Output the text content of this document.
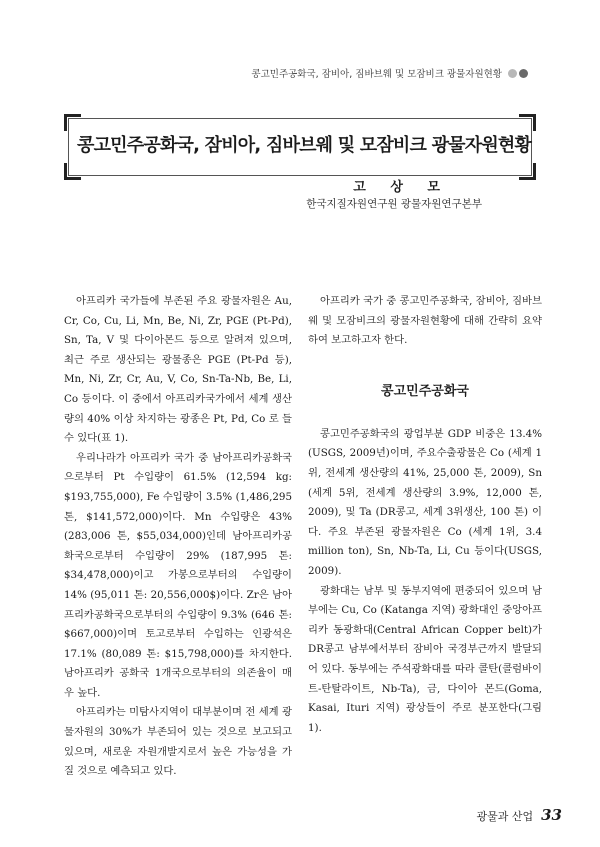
콩고민주공화국, 잠비아, 짐바브웨 및 모잠비크 광물자원현황
콩고민주공화국, 잠비아, 짐바브웨 및 모잠비크 광물자원현황
고 상 모
한국지질자원연구원 광물자원연구본부

아프리카 국가들에 부존된 주요 광물자원은 Au, Cr, Co, Cu, Li, Mn, Be, Ni, Zr, PGE (Pt-Pd), Sn, Ta, V 및 다이아몬드 등으로 알려져 있으며, 최근 주로 생산되는 광물종은 PGE (Pt-Pd 등), Mn, Ni, Zr, Cr, Au, V, Co, Sn-Ta-Nb, Be, Li, Co 등이다. 이 중에서 아프리카국가에서 세계 생산량의 40% 이상 차지하는 광종은 Pt, Pd, Co 로 들수 있다(표 1).

우리나라가 아프리카 국가 중 남아프리카공화국으로부터 Pt 수입량이 61.5% (12,594 kg: $193,755,000), Fe 수입량이 3.5% (1,486,295 톤, $141,572,000)이다. Mn 수입량은 43% (283,006 톤, $55,034,000)인데 남아프리카공화국으로부터 수입량이 29% (187,995 톤: $34,478,000)이고 가봉으로부터의 수입량이 14% (95,011 톤: 20,556,000$)이다. Zr은 남아프리카공화국으로부터의 수입량이 9.3% (646 톤: $667,000)이며 토고로부터 수입하는 인광석은 17.1% (80,089 톤: $15,798,000)를 차지한다. 남아프리카 공화국 1개국으로부터의 의존율이 매우 높다.

아프리카는 미탐사지역이 대부분이며 전 세계 광물자원의 30%가 부존되어 있는 것으로 보고되고 있으며, 새로운 자원개발지로서 높은 가능성을 가질 것으로 예측되고 있다.

아프리카 국가 중 콩고민주공화국, 잠비아, 짐바브웨 및 모잠비크의 광물자원현황에 대해 간략히 요약하여 보고하고자 한다.

콩고민주공화국

콩고민주공화국의 광업부분 GDP 비중은 13.4% (USGS, 2009년)이며, 주요수출광물은 Co (세계 1위, 전세계 생산량의 41%, 25,000 톤, 2009), Sn (세계 5위, 전세계 생산량의 3.9%, 12,000 톤, 2009), 및 Ta (DR콩고, 세계 3위생산, 100 톤) 이다. 주요 부존된 광물자원은 Co (세계 1위, 3.4 million ton), Sn, Nb-Ta, Li, Cu 등이다(USGS, 2009).

광화대는 남부 및 동부지역에 편중되어 있으며 남부에는 Cu, Co (Katanga 지역) 광화대인 중앙아프리카 동광화대(Central African Copper belt)가 DR콩고 남부에서부터 잠비아 국경부근까지 발달되어 있다. 동부에는 주석광화대를 따라 콜탄(콜럼바이트-탄탈라이트, Nb-Ta), 금, 다이아 몬드(Goma, Kasai, Ituri 지역) 광상들이 주로 분포한다(그림 1).

광물과 산업 33
